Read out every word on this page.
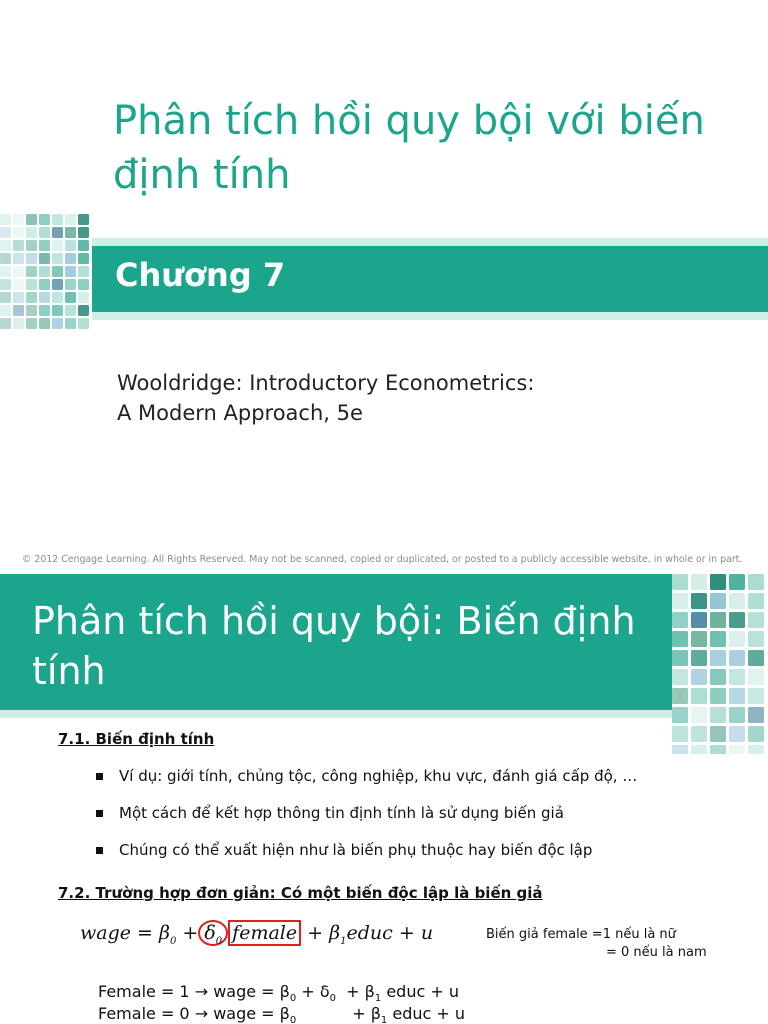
Phân tích hồi quy bội với biến định tính
Chương 7
Wooldridge: Introductory Econometrics:
A Modern Approach, 5e
© 2012 Cengage Learning. All Rights Reserved. May not be scanned, copied or duplicated, or posted to a publicly accessible website, in whole or in part.
Phân tích hồi quy bội: Biến định tính
7.1. Biến định tính
Ví dụ: giới tính, chủng tộc, công nghiệp, khu vực, đánh giá cấp độ, …
Một cách để kết hợp thông tin định tính là sử dụng biến giả
Chúng có thể xuất hiện như là biến phụ thuộc hay biến độc lập
7.2. Trường hợp đơn giản: Có một biến độc lập là biến giả
wage = $\beta_0 + \delta_0$ female + $\beta_1educ + u$	Biến giả female =1 nếu là nữ
= 0 nếu là nam
Female = 1 → wage = $\beta_0 + \delta_0 + \beta_1$ educ + u
Female = 0 → wage = $\beta_0$           + $\beta_1$ educ + u
